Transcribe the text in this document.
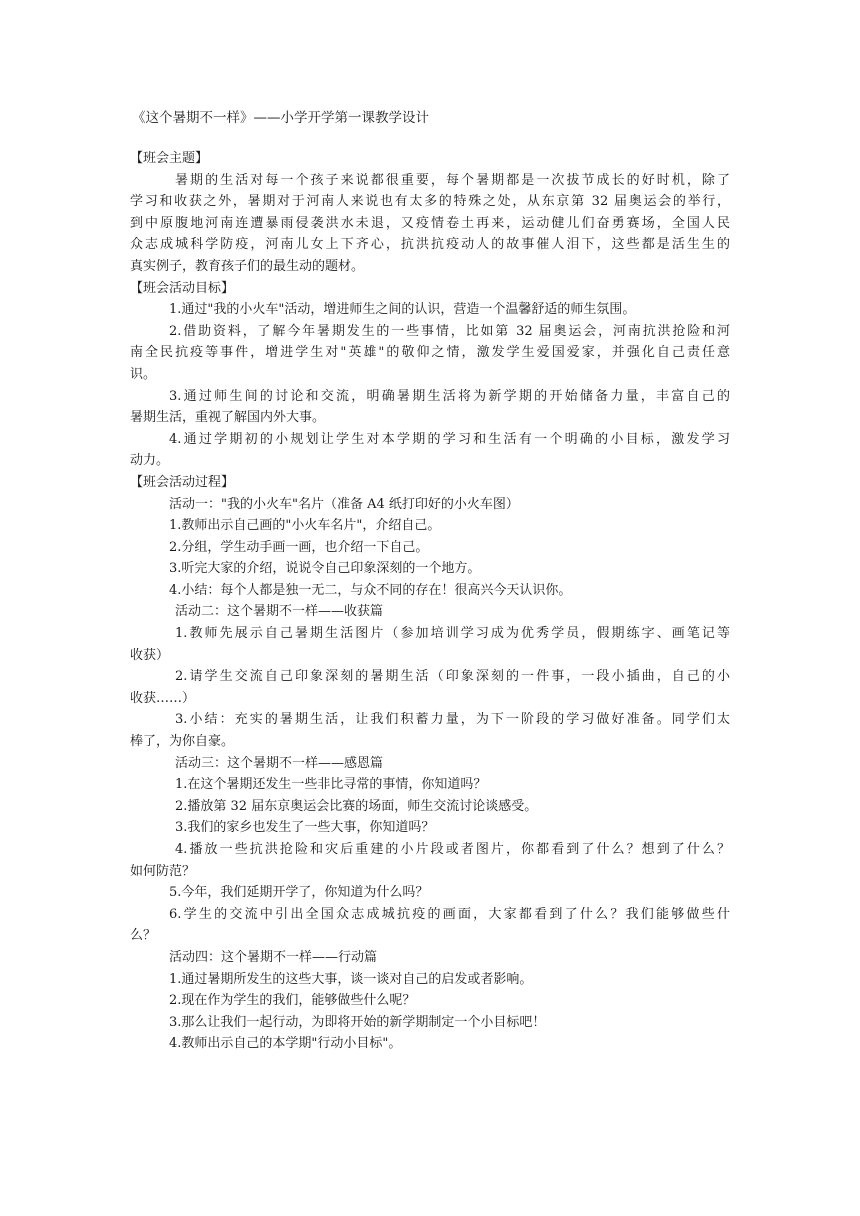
《这个暑期不一样》——小学开学第一课教学设计
【班会主题】
暑期的生活对每一个孩子来说都很重要，每个暑期都是一次拔节成长的好时机，除了
学习和收获之外，暑期对于河南人来说也有太多的特殊之处，从东京第 32 届奥运会的举行，
到中原腹地河南连遭暴雨侵袭洪水未退，又疫情卷土再来，运动健儿们奋勇赛场，全国人民
众志成城科学防疫，河南儿女上下齐心，抗洪抗疫动人的故事催人泪下，这些都是活生生的
真实例子，教育孩子们的最生动的题材。
【班会活动目标】
1.通过"我的小火车"活动，增进师生之间的认识，营造一个温馨舒适的师生氛围。
2.借助资料，了解今年暑期发生的一些事情，比如第 32 届奥运会，河南抗洪抢险和河
南全民抗疫等事件，增进学生对"英雄"的敬仰之情，激发学生爱国爱家，并强化自己责任意
识。
3.通过师生间的讨论和交流，明确暑期生活将为新学期的开始储备力量，丰富自己的
暑期生活，重视了解国内外大事。
4.通过学期初的小规划让学生对本学期的学习和生活有一个明确的小目标，激发学习
动力。
【班会活动过程】
活动一："我的小火车"名片（准备 A4 纸打印好的小火车图）
1.教师出示自己画的"小火车名片"，介绍自己。
2.分组，学生动手画一画，也介绍一下自己。
3.听完大家的介绍，说说令自己印象深刻的一个地方。
4.小结：每个人都是独一无二，与众不同的存在！很高兴今天认识你。
活动二：这个暑期不一样——收获篇
1.教师先展示自己暑期生活图片（参加培训学习成为优秀学员，假期练字、画笔记等
收获）
2.请学生交流自己印象深刻的暑期生活（印象深刻的一件事，一段小插曲，自己的小
收获……）
3.小结：充实的暑期生活，让我们积蓄力量，为下一阶段的学习做好准备。同学们太
棒了，为你自豪。
活动三：这个暑期不一样——感恩篇
1.在这个暑期还发生一些非比寻常的事情，你知道吗？
2.播放第 32 届东京奥运会比赛的场面，师生交流讨论谈感受。
3.我们的家乡也发生了一些大事，你知道吗？
4.播放一些抗洪抢险和灾后重建的小片段或者图片，你都看到了什么？想到了什么？
如何防范？
5.今年，我们延期开学了，你知道为什么吗？
6.学生的交流中引出全国众志成城抗疫的画面，大家都看到了什么？我们能够做些什
么？
活动四：这个暑期不一样——行动篇
1.通过暑期所发生的这些大事，谈一谈对自己的启发或者影响。
2.现在作为学生的我们，能够做些什么呢？
3.那么让我们一起行动，为即将开始的新学期制定一个小目标吧！
4.教师出示自己的本学期"行动小目标"。
